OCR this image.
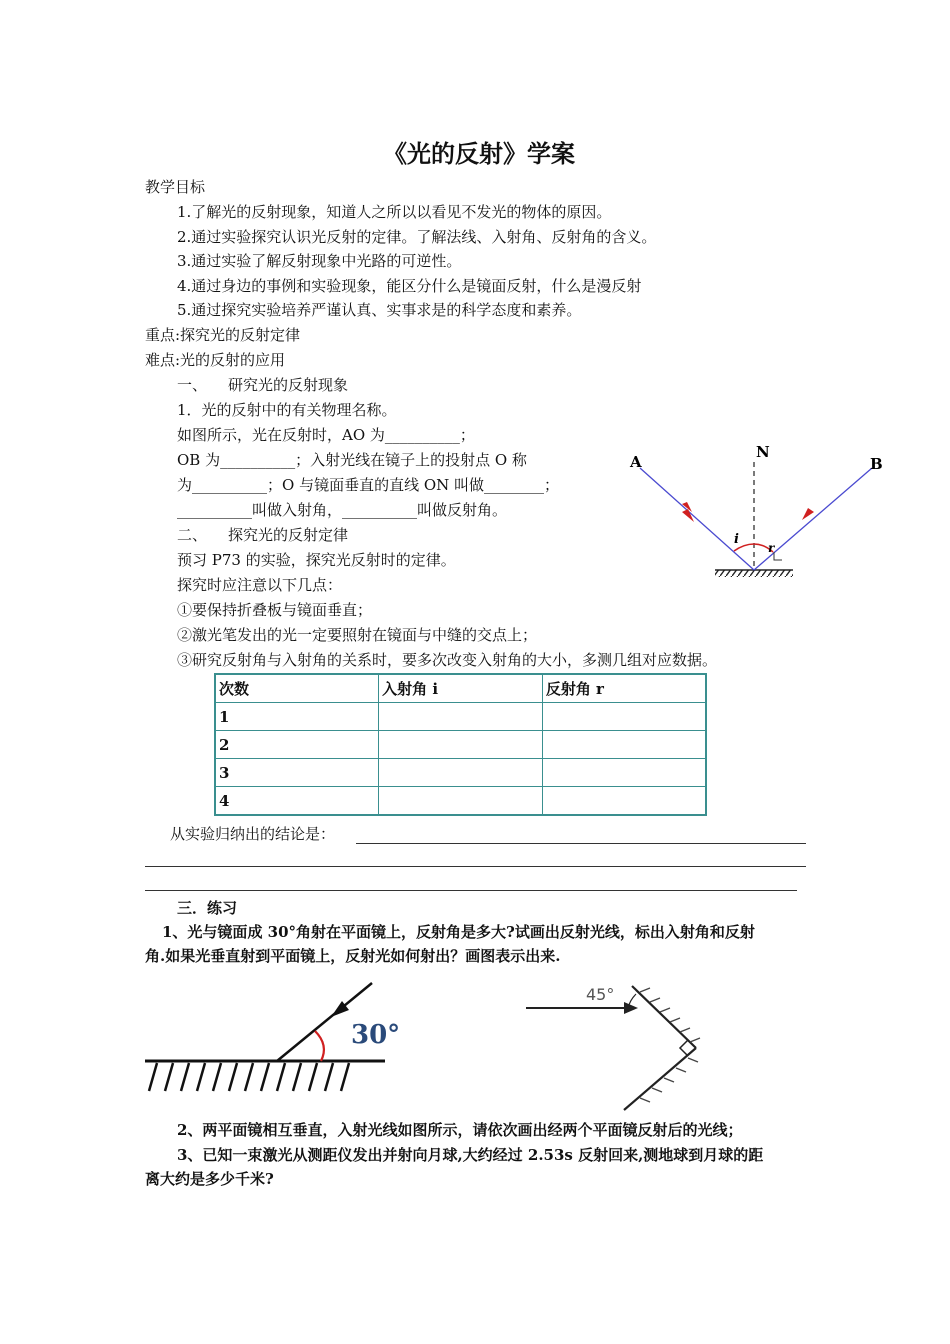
《光的反射》学案
教学目标
1.了解光的反射现象，知道人之所以以看见不发光的物体的原因。
2.通过实验探究认识光反射的定律。了解法线、入射角、反射角的含义。
3.通过实验了解反射现象中光路的可逆性。
4.通过身边的事例和实验现象，能区分什么是镜面反射，什么是漫反射
5.通过探究实验培养严谨认真、实事求是的科学态度和素养。
重点:探究光的反射定律
难点:光的反射的应用
一、 研究光的反射现象
1．光的反射中的有关物理名称。
如图所示，光在反射时，AO 为__________；
OB 为__________；入射光线在镜子上的投射点 O 称
为__________；O 与镜面垂直的直线 ON 叫做________；
__________叫做入射角，__________叫做反射角。
A
N
B
i
r
二、 探究光的反射定律
预习 P73 的实验，探究光反射时的定律。
探究时应注意以下几点：
①要保持折叠板与镜面垂直；
②激光笔发出的光一定要照射在镜面与中缝的交点上；
③研究反射角与入射角的关系时，要多次改变入射角的大小，多测几组对应数据。
次数	入射角 i	反射角 r
1		
2		
3		
4		
从实验归纳出的结论是：
三．练习
1、光与镜面成 30°角射在平面镜上，反射角是多大?试画出反射光线，标出入射角和反射
角.如果光垂直射到平面镜上，反射光如何射出？画图表示出来.
30°
45°
2、两平面镜相互垂直，入射光线如图所示，请依次画出经两个平面镜反射后的光线；
3、已知一束激光从测距仪发出并射向月球,大约经过 2.53s 反射回来,测地球到月球的距
离大约是多少千米?
